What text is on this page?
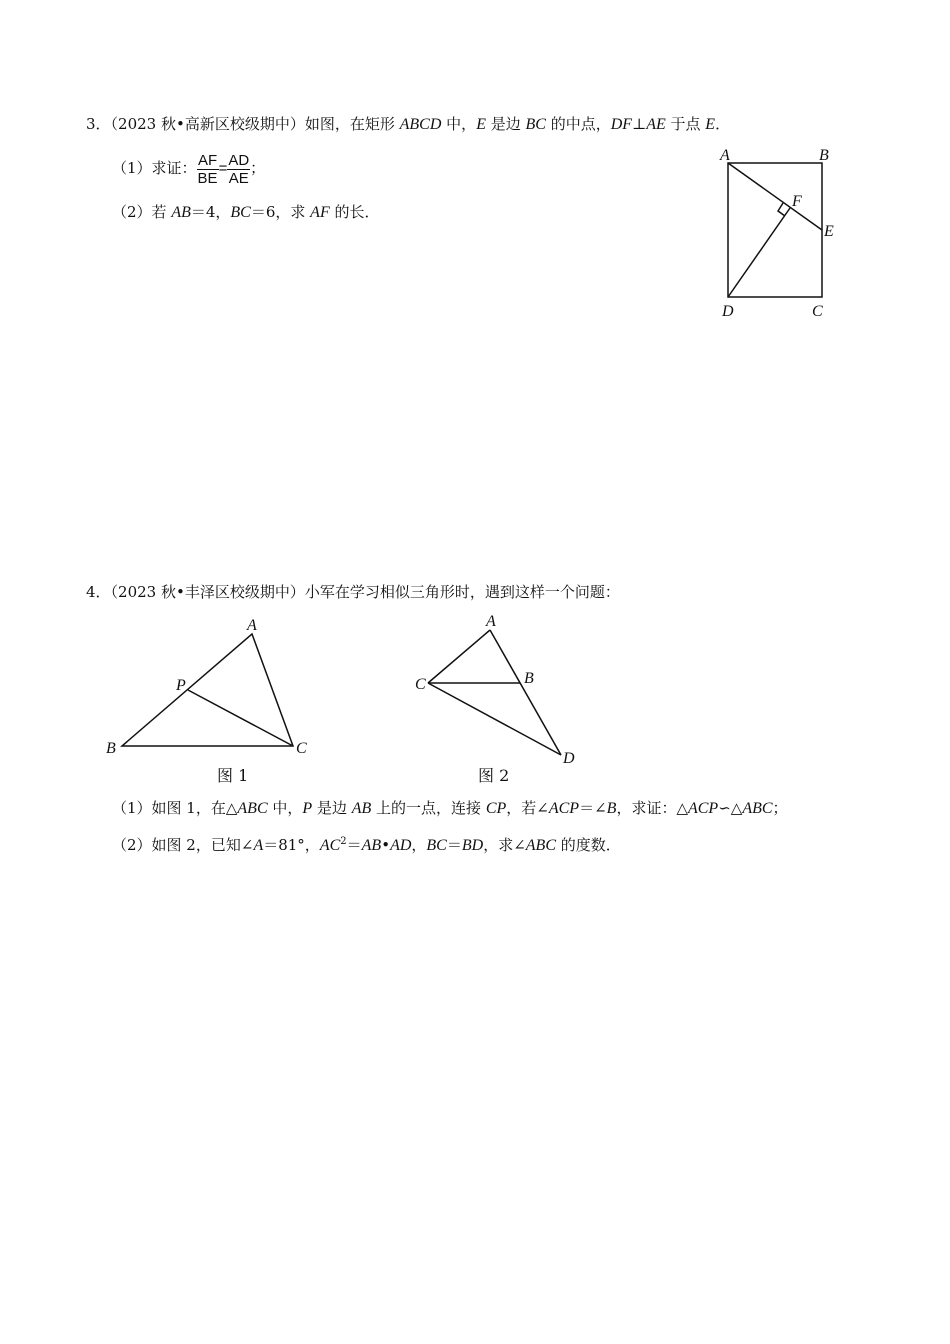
3．（2023 秋•高新区校级期中）如图，在矩形 ABCD 中，E 是边 BC 的中点，DF⊥AE 于点 E．
（1）求证： $\frac{AF}{BE} = \frac{AD}{AE}$ ；
（2）若 AB＝4，BC＝6，求 AF 的长．
A	B
F
E
D	C
4．（2023 秋•丰泽区校级期中）小军在学习相似三角形时，遇到这样一个问题：
A
P
B	C
图 1
A
B
C
D
图 2
（1）如图 1，在△ABC 中，P 是边 AB 上的一点，连接 CP，若∠ACP＝∠B，求证：△ACP∽△ABC；
（2）如图 2，已知∠A＝81°，$AC^2=AB•AD$，BC＝BD，求∠ABC 的度数．
